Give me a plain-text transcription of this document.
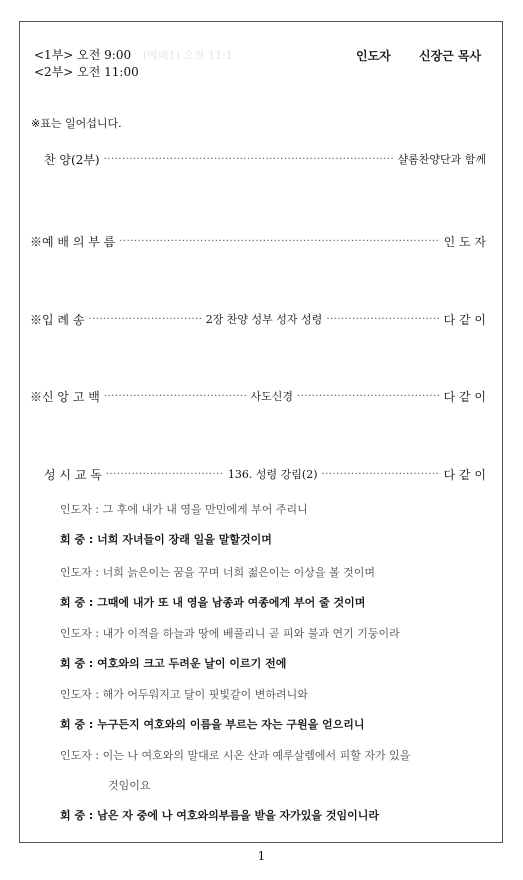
<1부> 오전 9:00 (예배1) 오전 11:1
<2부> 오전 11:00
인도자 신장근 목사
※표는 일어섭니다.
찬 양(2부) ·····	샬롬찬양단과 함께
※예 배 의 부 름 ·····	인 도 자
※입 례 송 ·····	2장 찬양 성부 성자 성령 ·····	다 같 이
※신 앙 고 백 ·····	사도신경 ·····	다 같 이
성 시 교 독 ·····	136. 성령 강림(2) ·····	다 같 이
인도자 : 그 후에 내가 내 영을 만민에게 부어 주리니
회 중 : 너희 자녀들이 장래 일을 말할것이며
인도자 : 너희 늙은이는 꿈을 꾸며 너희 젊은이는 이상을 볼 것이며
회 중 : 그때에 내가 또 내 영을 남종과 여종에게 부어 줄 것이며
인도자 : 내가 이적을 하늘과 땅에 베풀리니 곧 피와 불과 연기 기둥이라
회 중 : 여호와의 크고 두려운 날이 이르기 전에
인도자 : 해가 어두워지고 달이 핏빛같이 변하려니와
회 중 : 누구든지 여호와의 이름을 부르는 자는 구원을 얻으리니
인도자 : 이는 나 여호와의 말대로 시온 산과 예루살렘에서 피할 자가 있을
것임이요
회 중 : 남은 자 중에 나 여호와의부름을 받을 자가있을 것임이니라
1
